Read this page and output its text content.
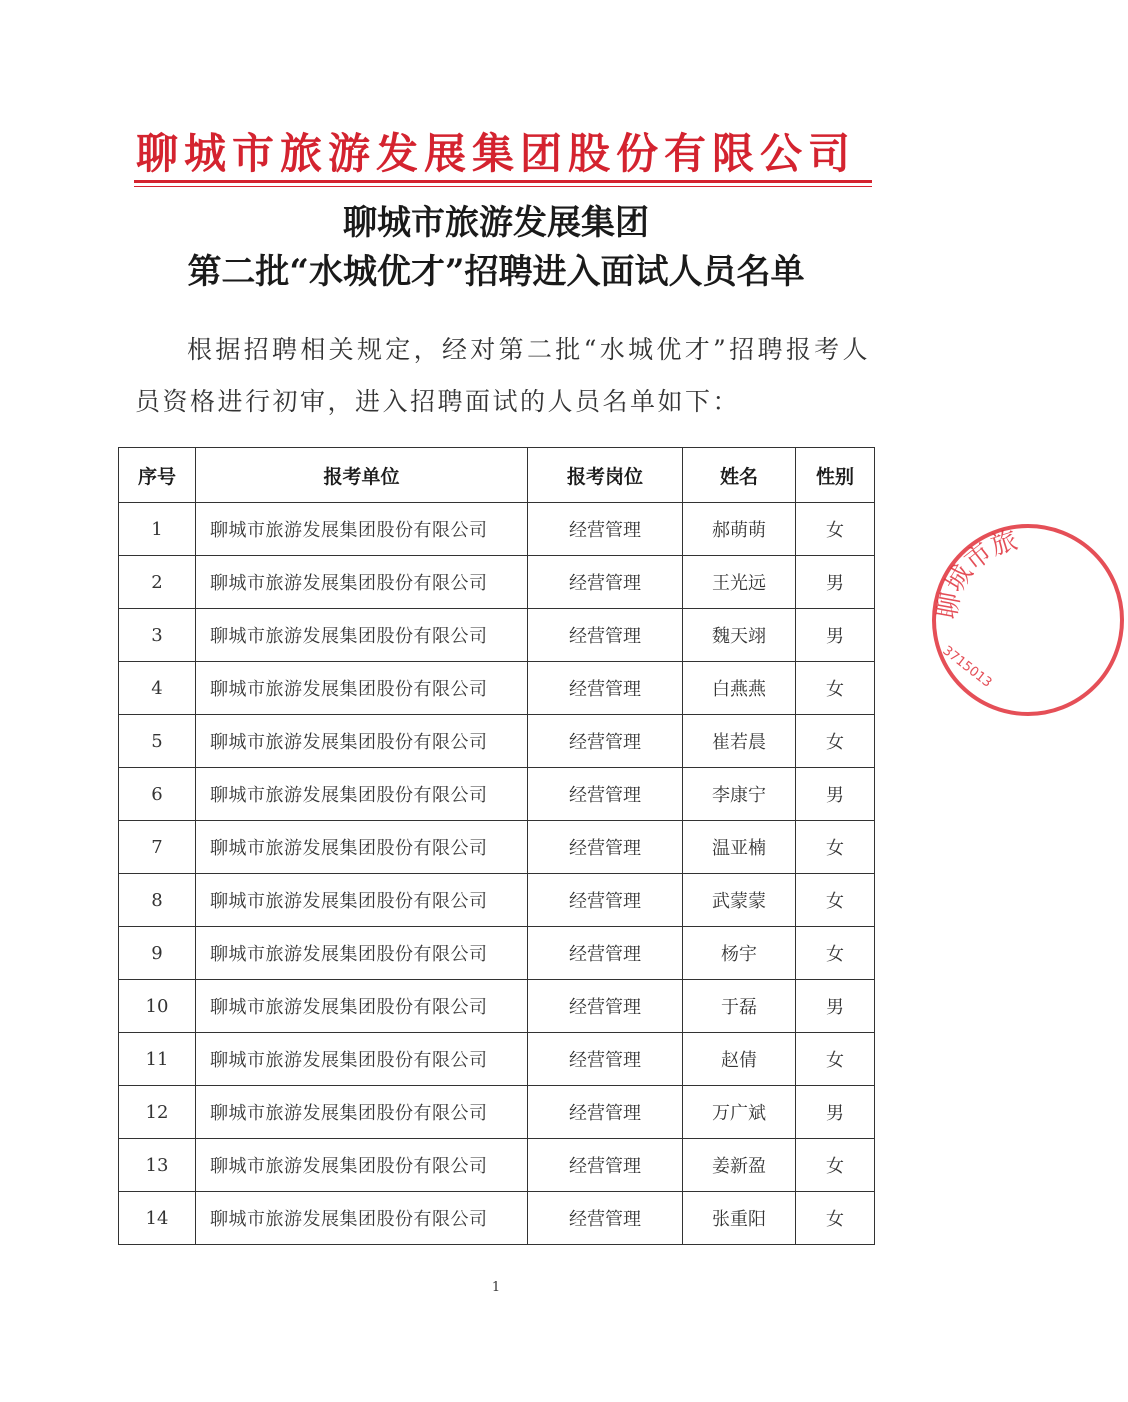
聊城市旅游发展集团股份有限公司
聊城市旅游发展集团
第二批“水城优才”招聘进入面试人员名单
根据招聘相关规定，经对第二批“水城优才”招聘报考人员资格进行初审，进入招聘面试的人员名单如下：
序号	报考单位	报考岗位	姓名	性别
1	聊城市旅游发展集团股份有限公司	经营管理	郝萌萌	女
2	聊城市旅游发展集团股份有限公司	经营管理	王光远	男
3	聊城市旅游发展集团股份有限公司	经营管理	魏天翊	男
4	聊城市旅游发展集团股份有限公司	经营管理	白燕燕	女
5	聊城市旅游发展集团股份有限公司	经营管理	崔若晨	女
6	聊城市旅游发展集团股份有限公司	经营管理	李康宁	男
7	聊城市旅游发展集团股份有限公司	经营管理	温亚楠	女
8	聊城市旅游发展集团股份有限公司	经营管理	武蒙蒙	女
9	聊城市旅游发展集团股份有限公司	经营管理	杨宇	女
10	聊城市旅游发展集团股份有限公司	经营管理	于磊	男
11	聊城市旅游发展集团股份有限公司	经营管理	赵倩	女
12	聊城市旅游发展集团股份有限公司	经营管理	万广斌	男
13	聊城市旅游发展集团股份有限公司	经营管理	姜新盈	女
14	聊城市旅游发展集团股份有限公司	经营管理	张重阳	女
1
聊城市旅
3715013
